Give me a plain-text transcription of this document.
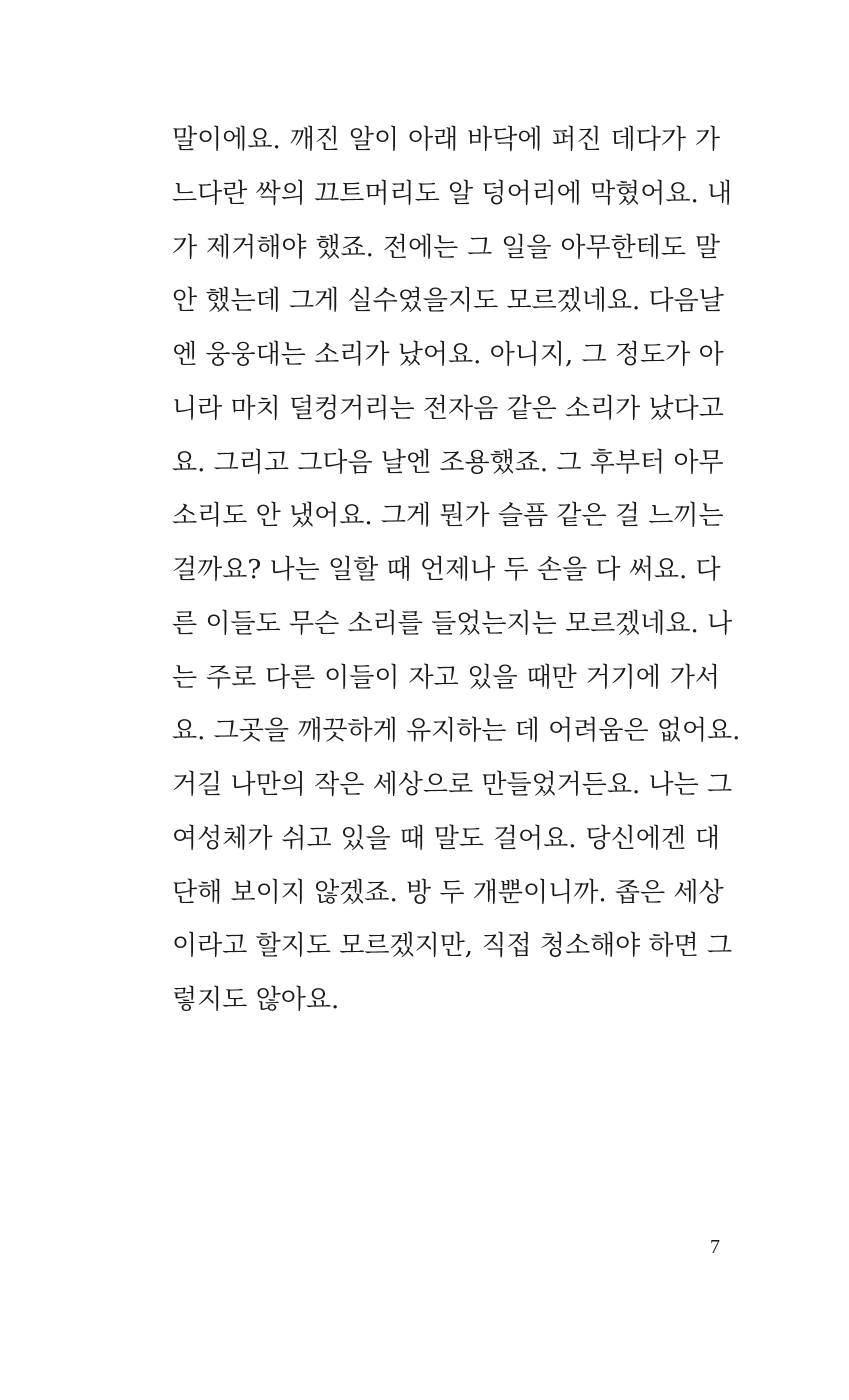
말이에요. 깨진 알이 아래 바닥에 퍼진 데다가 가
느다란 싹의 끄트머리도 알 덩어리에 막혔어요. 내
가 제거해야 했죠. 전에는 그 일을 아무한테도 말
안 했는데 그게 실수였을지도 모르겠네요. 다음날
엔 웅웅대는 소리가 났어요. 아니지, 그 정도가 아
니라 마치 덜컹거리는 전자음 같은 소리가 났다고
요. 그리고 그다음 날엔 조용했죠. 그 후부터 아무
소리도 안 냈어요. 그게 뭔가 슬픔 같은 걸 느끼는
걸까요? 나는 일할 때 언제나 두 손을 다 써요. 다
른 이들도 무슨 소리를 들었는지는 모르겠네요. 나
는 주로 다른 이들이 자고 있을 때만 거기에 가서
요. 그곳을 깨끗하게 유지하는 데 어려움은 없어요.
거길 나만의 작은 세상으로 만들었거든요. 나는 그
여성체가 쉬고 있을 때 말도 걸어요. 당신에겐 대
단해 보이지 않겠죠. 방 두 개뿐이니까. 좁은 세상
이라고 할지도 모르겠지만, 직접 청소해야 하면 그
렇지도 않아요.
7
